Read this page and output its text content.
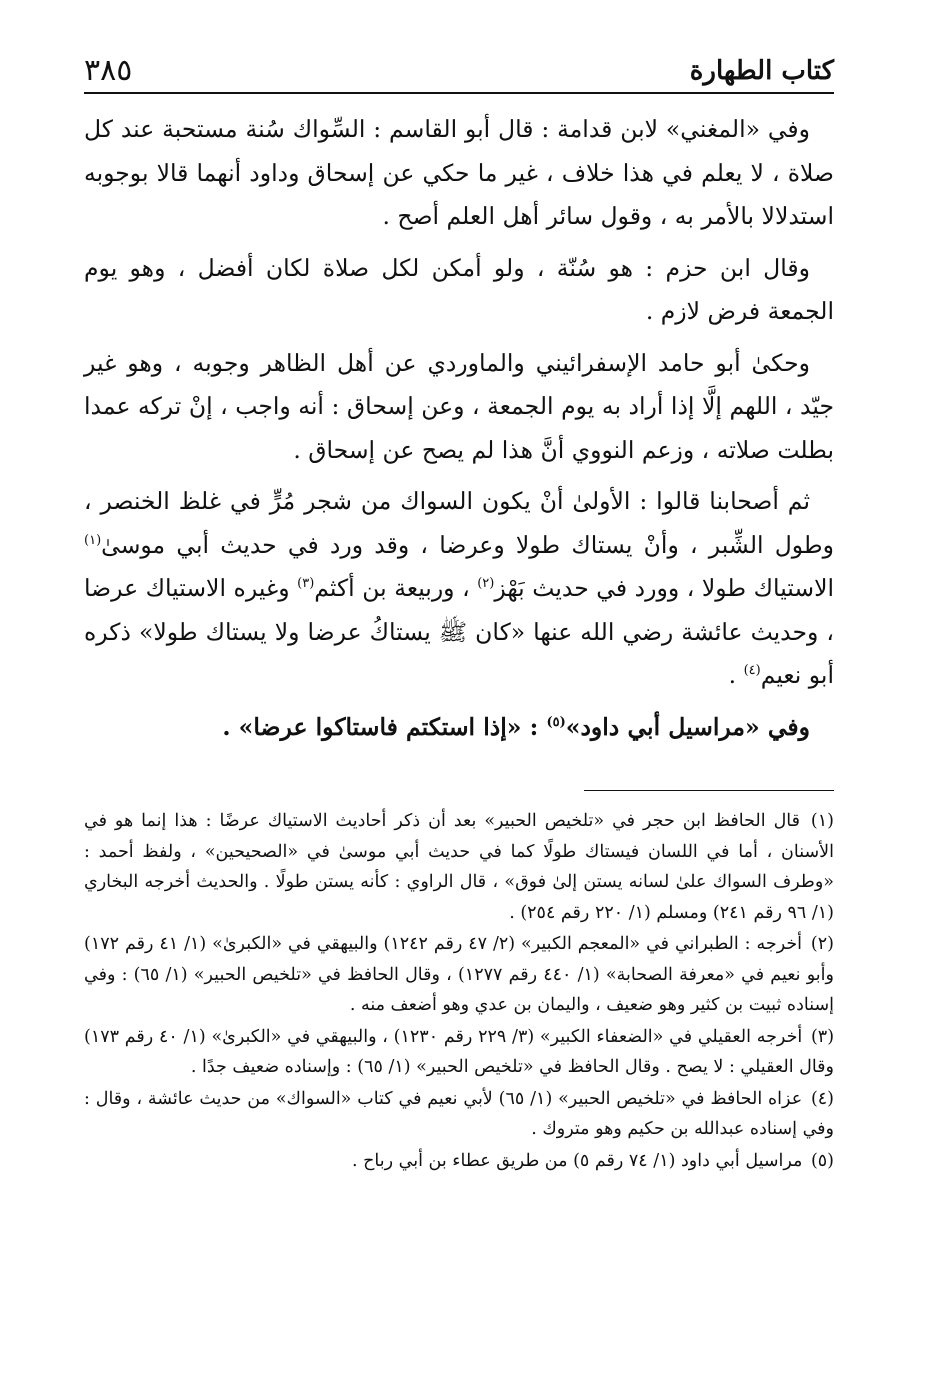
٣٨٥	كتاب الطهارة

وفي «المغني» لابن قدامة : قال أبو القاسم : السِّواك سُنة مستحبة عند كل صلاة ، لا يعلم في هذا خلاف ، غير ما حكي عن إسحاق وداود أنهما قالا بوجوبه استدلالا بالأمر به ، وقول سائر أهل العلم أصح .

وقال ابن حزم : هو سُنّة ، ولو أمكن لكل صلاة لكان أفضل ، وهو يوم الجمعة فرض لازم .

وحكىٰ أبو حامد الإسفرائيني والماوردي عن أهل الظاهر وجوبه ، وهو غير جيّد ، اللهم إلَّا إذا أراد به يوم الجمعة ، وعن إسحاق : أنه واجب ، إنْ تركه عمدا بطلت صلاته ، وزعم النووي أنَّ هذا لم يصح عن إسحاق .

ثم أصحابنا قالوا : الأولىٰ أنْ يكون السواك من شجر مُرٍّ في غلظ الخنصر ، وطول الشِّبر ، وأنْ يستاك طولا وعرضا ، وقد ورد في حديث أبي موسىٰ$^{(١)}$ الاستياك طولا ، وورد في حديث بَهْز$^{(٢)}$ ، وربيعة بن أكثم$^{(٣)}$ وغيره الاستياك عرضا ، وحديث عائشة رضي الله عنها «كان ﷺ يستاكُ عرضا ولا يستاك طولا» ذكره أبو نعيم$^{(٤)}$ .

وفي «مراسيل أبي داود»$^{(٥)}$ : «إذا استكتم فاستاكوا عرضا» .

(١) قال الحافظ ابن حجر في «تلخيص الحبير» بعد أن ذكر أحاديث الاستياك عرضًا : هذا إنما هو في الأسنان ، أما في اللسان فيستاك طولًا كما في حديث أبي موسىٰ في «الصحيحين» ، ولفظ أحمد : «وطرف السواك علىٰ لسانه يستن إلىٰ فوق» ، قال الراوي : كأنه يستن طولًا . والحديث أخرجه البخاري (١/ ٩٦ رقم ٢٤١) ومسلم (١/ ٢٢٠ رقم ٢٥٤) .

(٢) أخرجه : الطبراني في «المعجم الكبير» (٢/ ٤٧ رقم ١٢٤٢) والبيهقي في «الكبرىٰ» (١/ ٤١ رقم ١٧٢) وأبو نعيم في «معرفة الصحابة» (١/ ٤٤٠ رقم ١٢٧٧) ، وقال الحافظ في «تلخيص الحبير» (١/ ٦٥) : وفي إسناده ثبيت بن كثير وهو ضعيف ، واليمان بن عدي وهو أضعف منه .

(٣) أخرجه العقيلي في «الضعفاء الكبير» (٣/ ٢٢٩ رقم ١٢٣٠) ، والبيهقي في «الكبرىٰ» (١/ ٤٠ رقم ١٧٣) وقال العقيلي : لا يصح . وقال الحافظ في «تلخيص الحبير» (١/ ٦٥) : وإسناده ضعيف جدًا .

(٤) عزاه الحافظ في «تلخيص الحبير» (١/ ٦٥) لأبي نعيم في كتاب «السواك» من حديث عائشة ، وقال : وفي إسناده عبدالله بن حكيم وهو متروك .

(٥) مراسيل أبي داود (١/ ٧٤ رقم ٥) من طريق عطاء بن أبي رباح .
